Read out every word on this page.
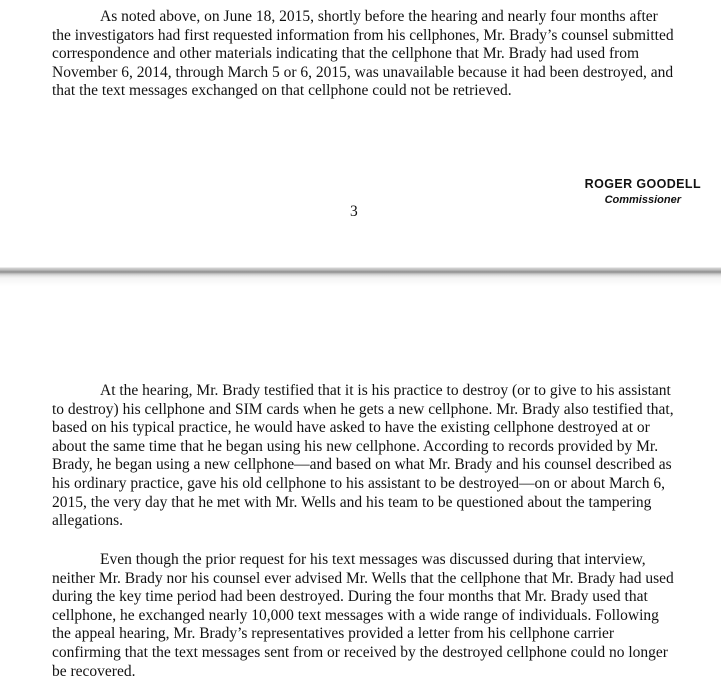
As noted above, on June 18, 2015, shortly before the hearing and nearly four months after the investigators had first requested information from his cellphones, Mr. Brady’s counsel submitted correspondence and other materials indicating that the cellphone that Mr. Brady had used from November 6, 2014, through March 5 or 6, 2015, was unavailable because it had been destroyed, and that the text messages exchanged on that cellphone could not be retrieved.

ROGER GOODELL
Commissioner
3

At the hearing, Mr. Brady testified that it is his practice to destroy (or to give to his assistant to destroy) his cellphone and SIM cards when he gets a new cellphone. Mr. Brady also testified that, based on his typical practice, he would have asked to have the existing cellphone destroyed at or about the same time that he began using his new cellphone. According to records provided by Mr. Brady, he began using a new cellphone—and based on what Mr. Brady and his counsel described as his ordinary practice, gave his old cellphone to his assistant to be destroyed—on or about March 6, 2015, the very day that he met with Mr. Wells and his team to be questioned about the tampering allegations.

Even though the prior request for his text messages was discussed during that interview, neither Mr. Brady nor his counsel ever advised Mr. Wells that the cellphone that Mr. Brady had used during the key time period had been destroyed. During the four months that Mr. Brady used that cellphone, he exchanged nearly 10,000 text messages with a wide range of individuals. Following the appeal hearing, Mr. Brady’s representatives provided a letter from his cellphone carrier confirming that the text messages sent from or received by the destroyed cellphone could no longer be recovered.
